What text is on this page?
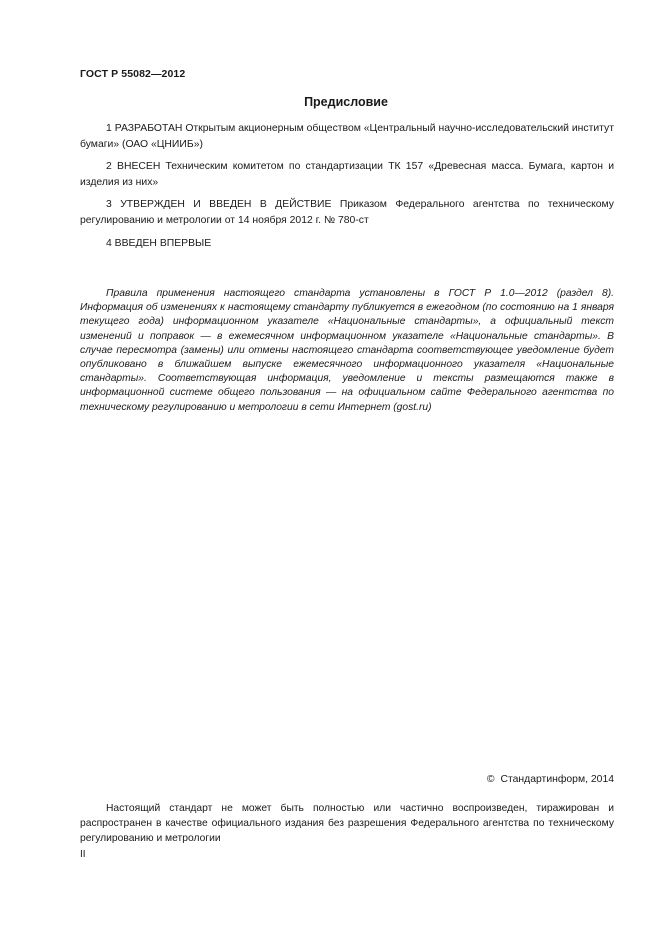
ГОСТ Р 55082—2012
Предисловие
1 РАЗРАБОТАН Открытым акционерным обществом «Центральный научно-исследовательский институт бумаги» (ОАО «ЦНИИБ»)
2 ВНЕСЕН Техническим комитетом по стандартизации ТК 157 «Древесная масса. Бумага, картон и изделия из них»
3 УТВЕРЖДЕН И ВВЕДЕН В ДЕЙСТВИЕ Приказом Федерального агентства по техническому регулированию и метрологии от 14 ноября 2012 г. № 780-ст
4 ВВЕДЕН ВПЕРВЫЕ
Правила применения настоящего стандарта установлены в ГОСТ Р 1.0—2012 (раздел 8). Информация об изменениях к настоящему стандарту публикуется в ежегодном (по состоянию на 1 января текущего года) информационном указателе «Национальные стандарты», а официальный текст изменений и поправок — в ежемесячном информационном указателе «Национальные стандарты». В случае пересмотра (замены) или отмены настоящего стандарта соответствующее уведомление будет опубликовано в ближайшем выпуске ежемесячного информационного указателя «Национальные стандарты». Соответствующая информация, уведомление и тексты размещаются также в информационной системе общего пользования — на официальном сайте Федерального агентства по техническому регулированию и метрологии в сети Интернет (gost.ru)
© Стандартинформ, 2014
Настоящий стандарт не может быть полностью или частично воспроизведен, тиражирован и распространен в качестве официального издания без разрешения Федерального агентства по техническому регулированию и метрологии
II
